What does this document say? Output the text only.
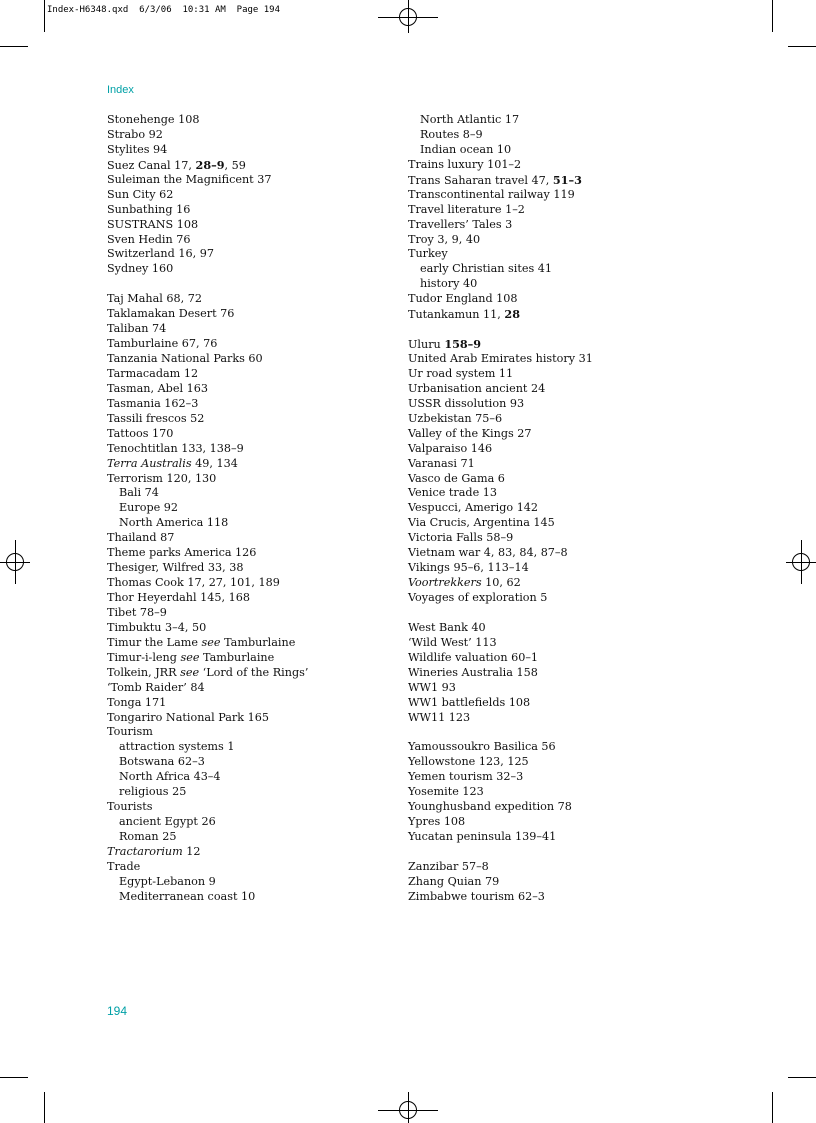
Index-H6348.qxd  6/3/06  10:31 AM  Page 194
Index
Stonehenge 108
Strabo 92
Stylites 94
Suez Canal 17, 28–9, 59
Suleiman the Magnificent 37
Sun City 62
Sunbathing 16
SUSTRANS 108
Sven Hedin 76
Switzerland 16, 97
Sydney 160
Taj Mahal 68, 72
Taklamakan Desert 76
Taliban 74
Tamburlaine 67, 76
Tanzania National Parks 60
Tarmacadam 12
Tasman, Abel 163
Tasmania 162–3
Tassili frescos 52
Tattoos 170
Tenochtitlan 133, 138–9
Terra Australis 49, 134
Terrorism 120, 130
Bali 74
Europe 92
North America 118
Thailand 87
Theme parks America 126
Thesiger, Wilfred 33, 38
Thomas Cook 17, 27, 101, 189
Thor Heyerdahl 145, 168
Tibet 78–9
Timbuktu 3–4, 50
Timur the Lame see Tamburlaine
Timur-i-leng see Tamburlaine
Tolkein, JRR see ‘Lord of the Rings’
‘Tomb Raider’ 84
Tonga 171
Tongariro National Park 165
Tourism
attraction systems 1
Botswana 62–3
North Africa 43–4
religious 25
Tourists
ancient Egypt 26
Roman 25
Tractarorium 12
Trade
Egypt-Lebanon 9
Mediterranean coast 10
North Atlantic 17
Routes 8–9
Indian ocean 10
Trains luxury 101–2
Trans Saharan travel 47, 51–3
Transcontinental railway 119
Travel literature 1–2
Travellers’ Tales 3
Troy 3, 9, 40
Turkey
early Christian sites 41
history 40
Tudor England 108
Tutankamun 11, 28
Uluru 158–9
United Arab Emirates history 31
Ur road system 11
Urbanisation ancient 24
USSR dissolution 93
Uzbekistan 75–6
Valley of the Kings 27
Valparaiso 146
Varanasi 71
Vasco de Gama 6
Venice trade 13
Vespucci, Amerigo 142
Via Crucis, Argentina 145
Victoria Falls 58–9
Vietnam war 4, 83, 84, 87–8
Vikings 95–6, 113–14
Voortrekkers 10, 62
Voyages of exploration 5
West Bank 40
‘Wild West’ 113
Wildlife valuation 60–1
Wineries Australia 158
WW1 93
WW1 battlefields 108
WW11 123
Yamoussoukro Basilica 56
Yellowstone 123, 125
Yemen tourism 32–3
Yosemite 123
Younghusband expedition 78
Ypres 108
Yucatan peninsula 139–41
Zanzibar 57–8
Zhang Quian 79
Zimbabwe tourism 62–3
194
